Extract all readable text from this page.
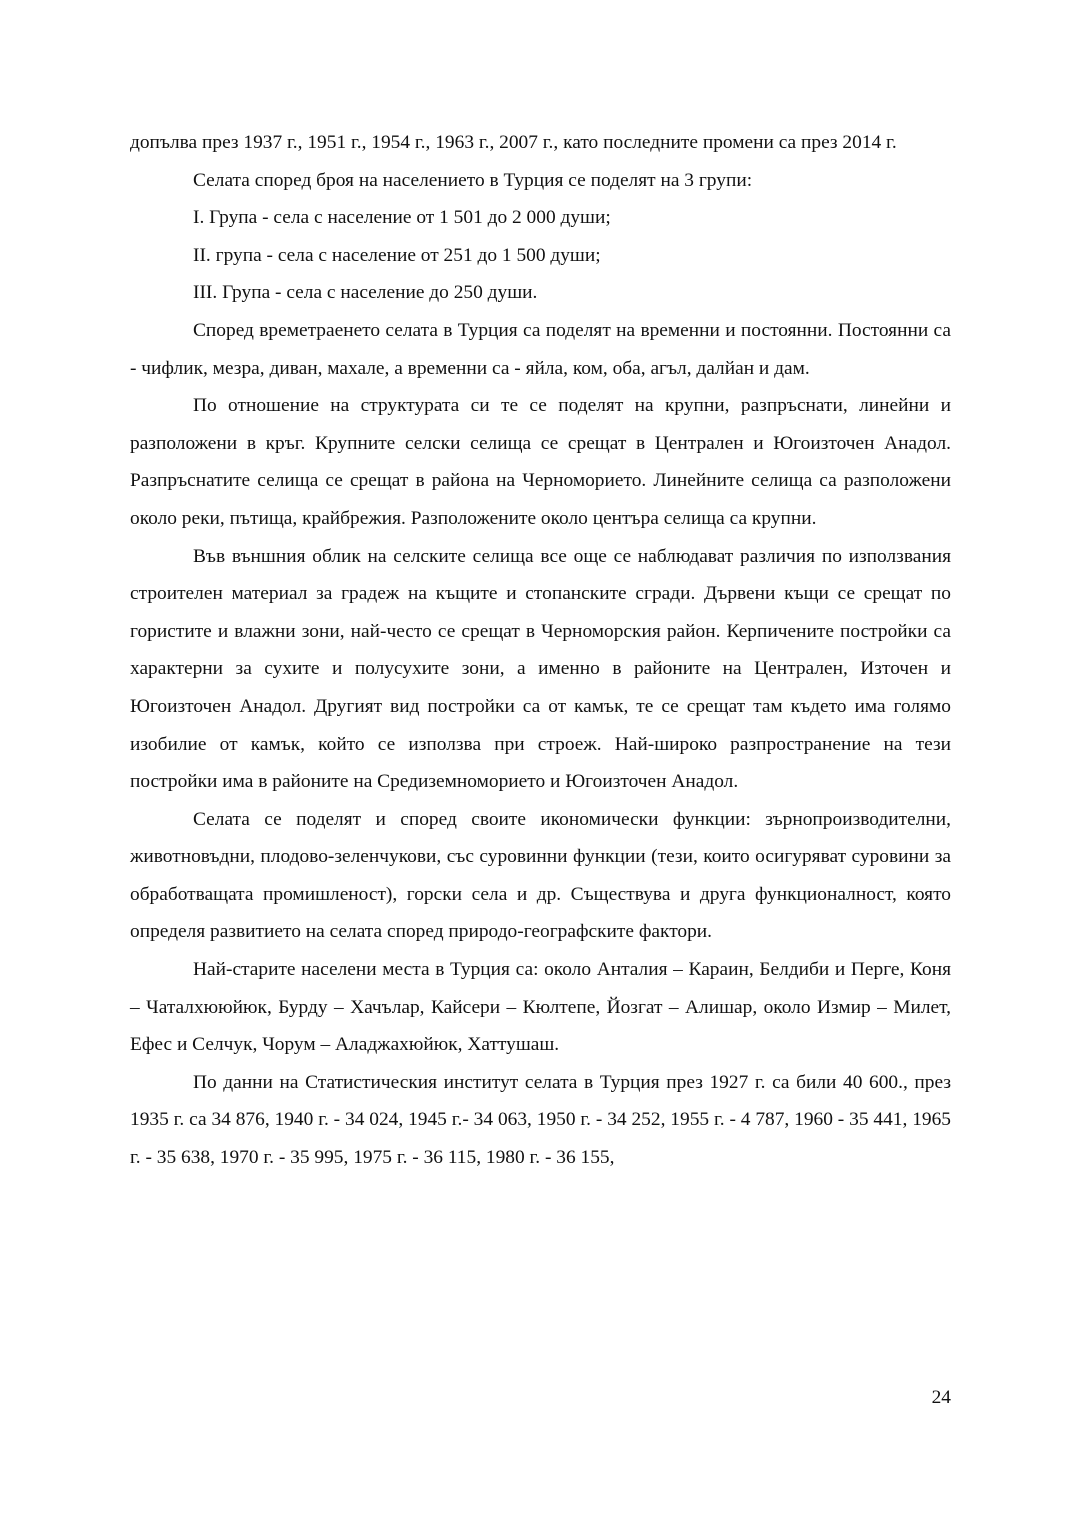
допълва през 1937 г., 1951 г., 1954 г., 1963 г., 2007 г., като последните промени са през 2014 г.

Селата според броя на населението в Турция се поделят на 3 групи:

I. Група - села с население от 1 501 до 2 000 души;

II. група - села с население от 251 до 1 500 души;

III. Група - села с население до 250 души.

Според времетраенето селата в Турция са поделят на временни и постоянни. Постоянни са - чифлик, мезра, диван, махале, а временни са - яйла, ком, оба, агъл, далйан и дам.

По отношение на структурата си те се поделят на крупни, разпръснати, линейни и разположени в кръг. Крупните селски селища се срещат в Централен и Югоизточен Анадол. Разпръснатите селища се срещат в района на Черноморието. Линейните селища са разположени около реки, пътища, крайбрежия. Разположените около центъра селища са крупни.

Във външния облик на селските селища все още се наблюдават различия по използвания строителен материал за градеж на къщите и стопанските сгради. Дървени къщи се срещат по гористите и влажни зони, най-често се срещат в Черноморския район. Керпичените постройки са характерни за сухите и полусухите зони, а именно в районите на Централен, Източен и Югоизточен Анадол. Другият вид постройки са от камък, те се срещат там където има голямо изобилие от камък, който се използва при строеж. Най-широко разпространение на тези постройки има в районите на Средиземноморието и Югоизточен Анадол.

Селата се поделят и според своите икономически функции: зърнопроизводителни, животновъдни, плодово-зеленчукови, със суровинни функции (тези, които осигуряват суровини за обработващата промишленост), горски села и др. Съществува и друга функционалност, която определя развитието на селата според природо-географските фактори.

Най-старите населени места в Турция са: около Анталия – Караин, Белдиби и Перге, Коня – Чаталхююйюк, Бурду – Хачълар, Кайсери – Кюлтепе, Йозгат – Алишар, около Измир – Милет, Ефес и Селчук, Чорум – Аладжахюйюк, Хаттушаш.

По данни на Статистическия институт селата в Турция през 1927 г. са били 40 600., през 1935 г. са 34 876, 1940 г. - 34 024, 1945 г.- 34 063, 1950 г. - 34 252, 1955 г. - 4 787, 1960 - 35 441, 1965 г. - 35 638, 1970 г. - 35 995, 1975 г. - 36 115, 1980 г. - 36 155,

24
